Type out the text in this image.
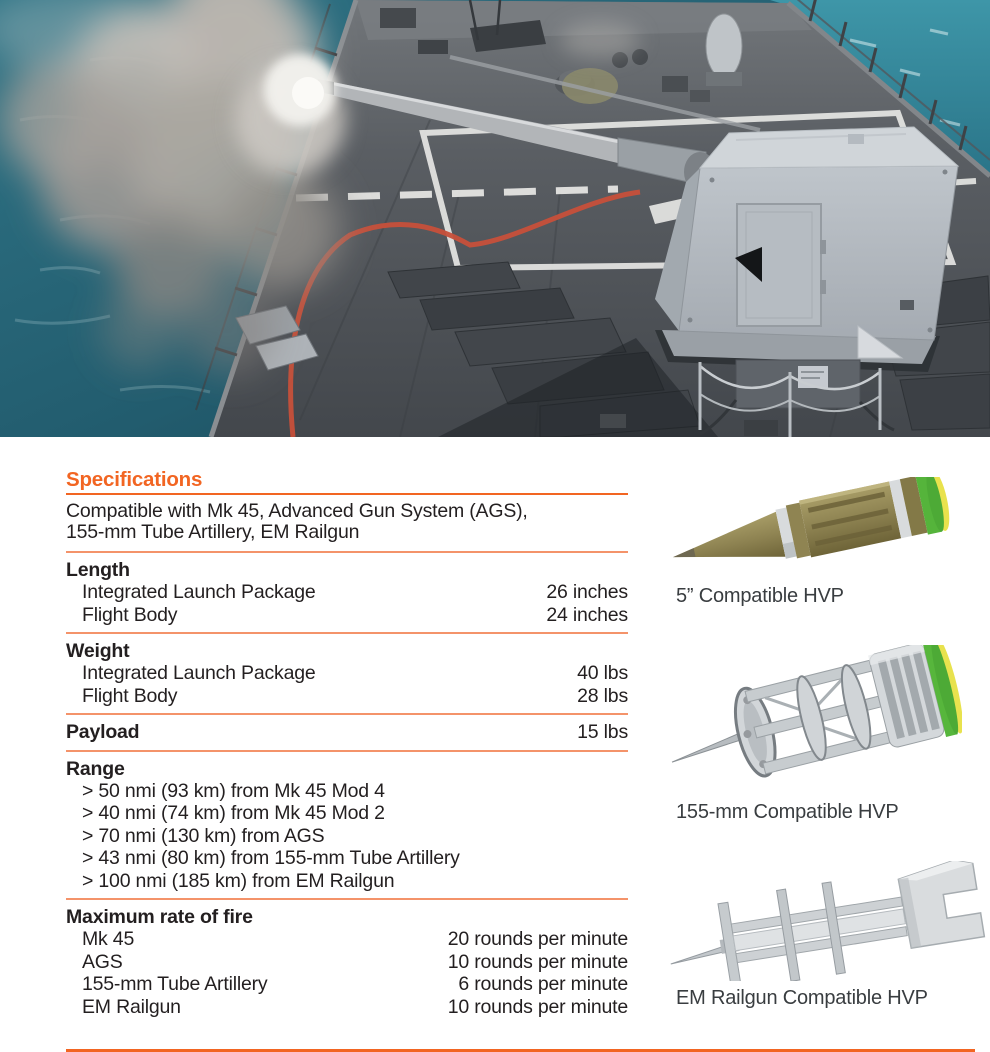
Specifications
Compatible with Mk 45, Advanced Gun System (AGS),
155-mm Tube Artillery, EM Railgun
Length
Integrated Launch Package	26 inches
Flight Body	24 inches
Weight
Integrated Launch Package	40 lbs
Flight Body	28 lbs
Payload	15 lbs
Range
> 50 nmi (93 km) from Mk 45 Mod 4
> 40 nmi (74 km) from Mk 45 Mod 2
> 70 nmi (130 km) from AGS
> 43 nmi (80 km) from 155-mm Tube Artillery
> 100 nmi (185 km) from EM Railgun
Maximum rate of fire
Mk 45	20 rounds per minute
AGS	10 rounds per minute
155-mm Tube Artillery	6 rounds per minute
EM Railgun	10 rounds per minute
5” Compatible HVP
155-mm Compatible HVP
EM Railgun Compatible HVP
